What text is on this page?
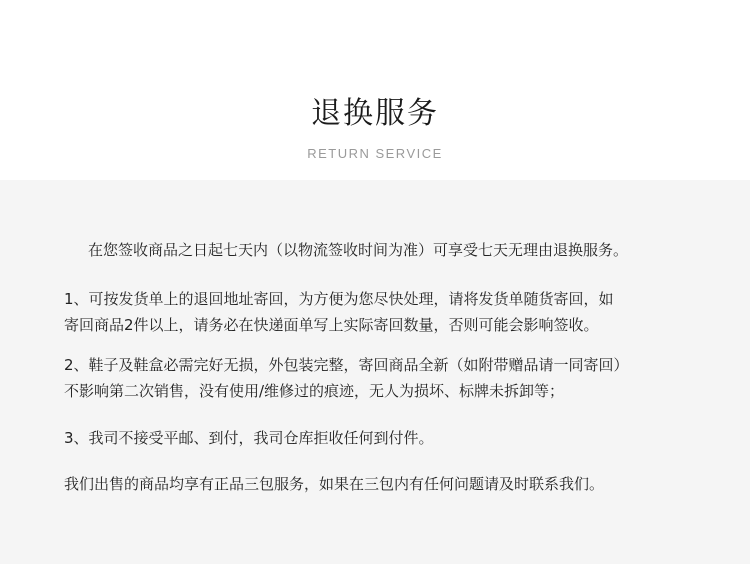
退换服务
RETURN SERVICE

在您签收商品之日起七天内（以物流签收时间为准）可享受七天无理由退换服务。

1、可按发货单上的退回地址寄回，为方便为您尽快处理，请将发货单随货寄回，如
寄回商品2件以上，请务必在快递面单写上实际寄回数量，否则可能会影响签收。

2、鞋子及鞋盒必需完好无损，外包装完整，寄回商品全新（如附带赠品请一同寄回）
不影响第二次销售，没有使用/维修过的痕迹，无人为损坏、标牌未拆卸等；

3、我司不接受平邮、到付，我司仓库拒收任何到付件。

我们出售的商品均享有正品三包服务，如果在三包内有任何问题请及时联系我们。
